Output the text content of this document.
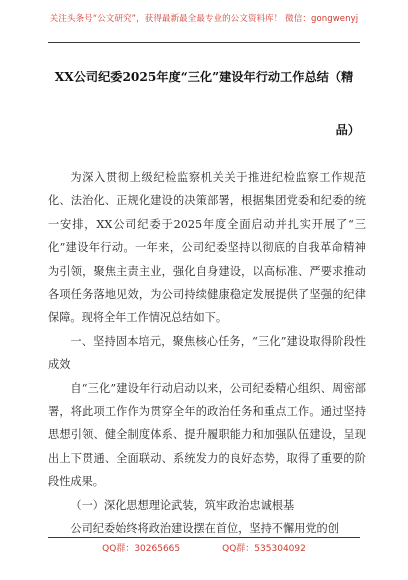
关注头条号“公文研究”，获得最新最全最专业的公文资料库！ 微信：gongwenyj
XX公司纪委2025年度“三化”建设年行动工作总结（精
品）

为深入贯彻上级纪检监察机关关于推进纪检监察工作规范化、法治化、正规化建设的决策部署，根据集团党委和纪委的统一安排，XX公司纪委于2025年度全面启动并扎实开展了“三化”建设年行动。一年来，公司纪委坚持以彻底的自我革命精神为引领，聚焦主责主业，强化自身建设，以高标准、严要求推动各项任务落地见效，为公司持续健康稳定发展提供了坚强的纪律保障。现将全年工作情况总结如下。

一、坚持固本培元，聚焦核心任务，“三化”建设取得阶段性成效

自“三化”建设年行动启动以来，公司纪委精心组织、周密部署，将此项工作作为贯穿全年的政治任务和重点工作。通过坚持思想引领、健全制度体系、提升履职能力和加强队伍建设，呈现出上下贯通、全面联动、系统发力的良好态势，取得了重要的阶段性成果。

（一）深化思想理论武装，筑牢政治忠诚根基

公司纪委始终将政治建设摆在首位，坚持不懈用党的创

QQ群：30265665	QQ群：535304092
